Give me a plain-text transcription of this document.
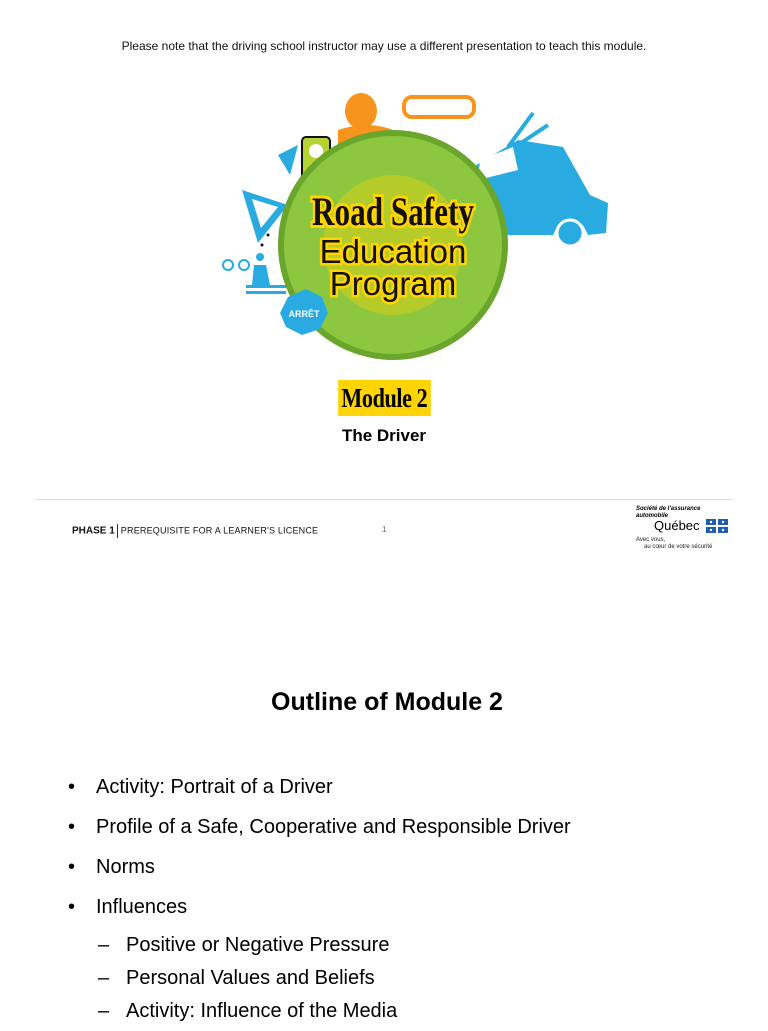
Please note that the driving school instructor may use a different presentation to teach this module.
ARRÊT
Road Safety
Education
Program
Module 2
The Driver
PHASE 1 PREREQUISITE FOR A LEARNER'S LICENCE	1
Société de l'assurance automobile
Québec
Avec vous,
au cœur de votre sécurité
Outline of Module 2
• Activity: Portrait of a Driver
• Profile of a Safe, Cooperative and Responsible Driver
• Norms
• Influences
– Positive or Negative Pressure
– Personal Values and Beliefs
– Activity: Influence of the Media
